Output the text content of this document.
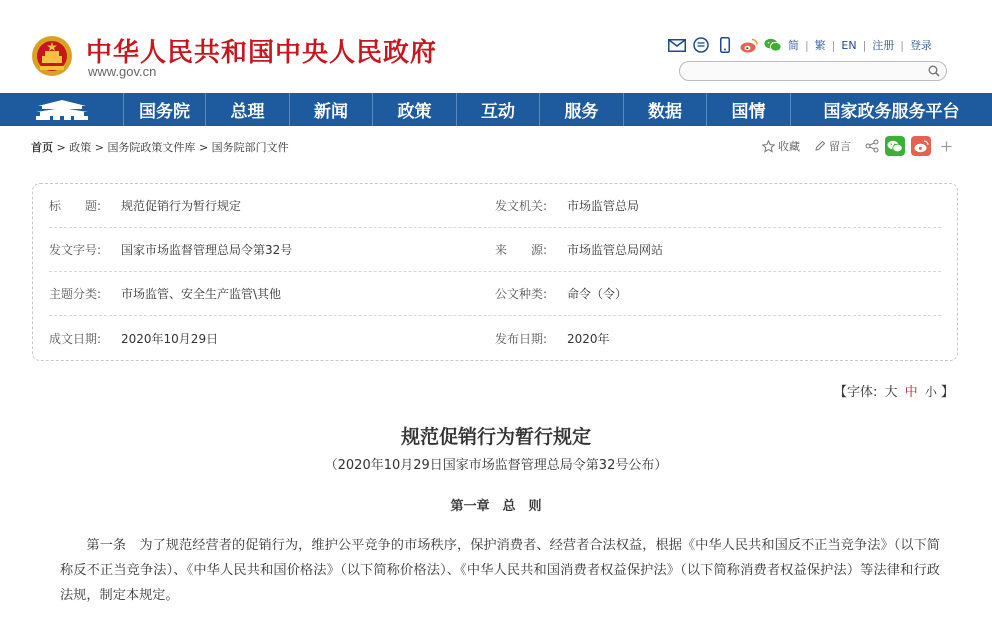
中华人民共和国中央人民政府
www.gov.cn
简 | 繁 | EN | 注册 | 登录
国务院	总理	新闻	政策	互动	服务	数据	国情	国家政务服务平台
首页 > 政策 > 国务院政策文件库 > 国务院部门文件	收藏	留言
标　　题:	规范促销行为暂行规定	发文机关:	市场监管总局
发文字号:	国家市场监督管理总局令第32号	来　　源:	市场监管总局网站
主题分类:	市场监管、安全生产监管\其他	公文种类:	命令（令）
成文日期:	2020年10月29日	发布日期:	2020年
【字体: 大 中 小 】
规范促销行为暂行规定
（2020年10月29日国家市场监督管理总局令第32号公布）
第一章　总　则
第一条　为了规范经营者的促销行为，维护公平竞争的市场秩序，保护消费者、经营者合法权益，根据《中华人民共和国反不正当竞争法》（以下简称反不正当竞争法）、《中华人民共和国价格法》（以下简称价格法）、《中华人民共和国消费者权益保护法》（以下简称消费者权益保护法）等法律和行政法规，制定本规定。
